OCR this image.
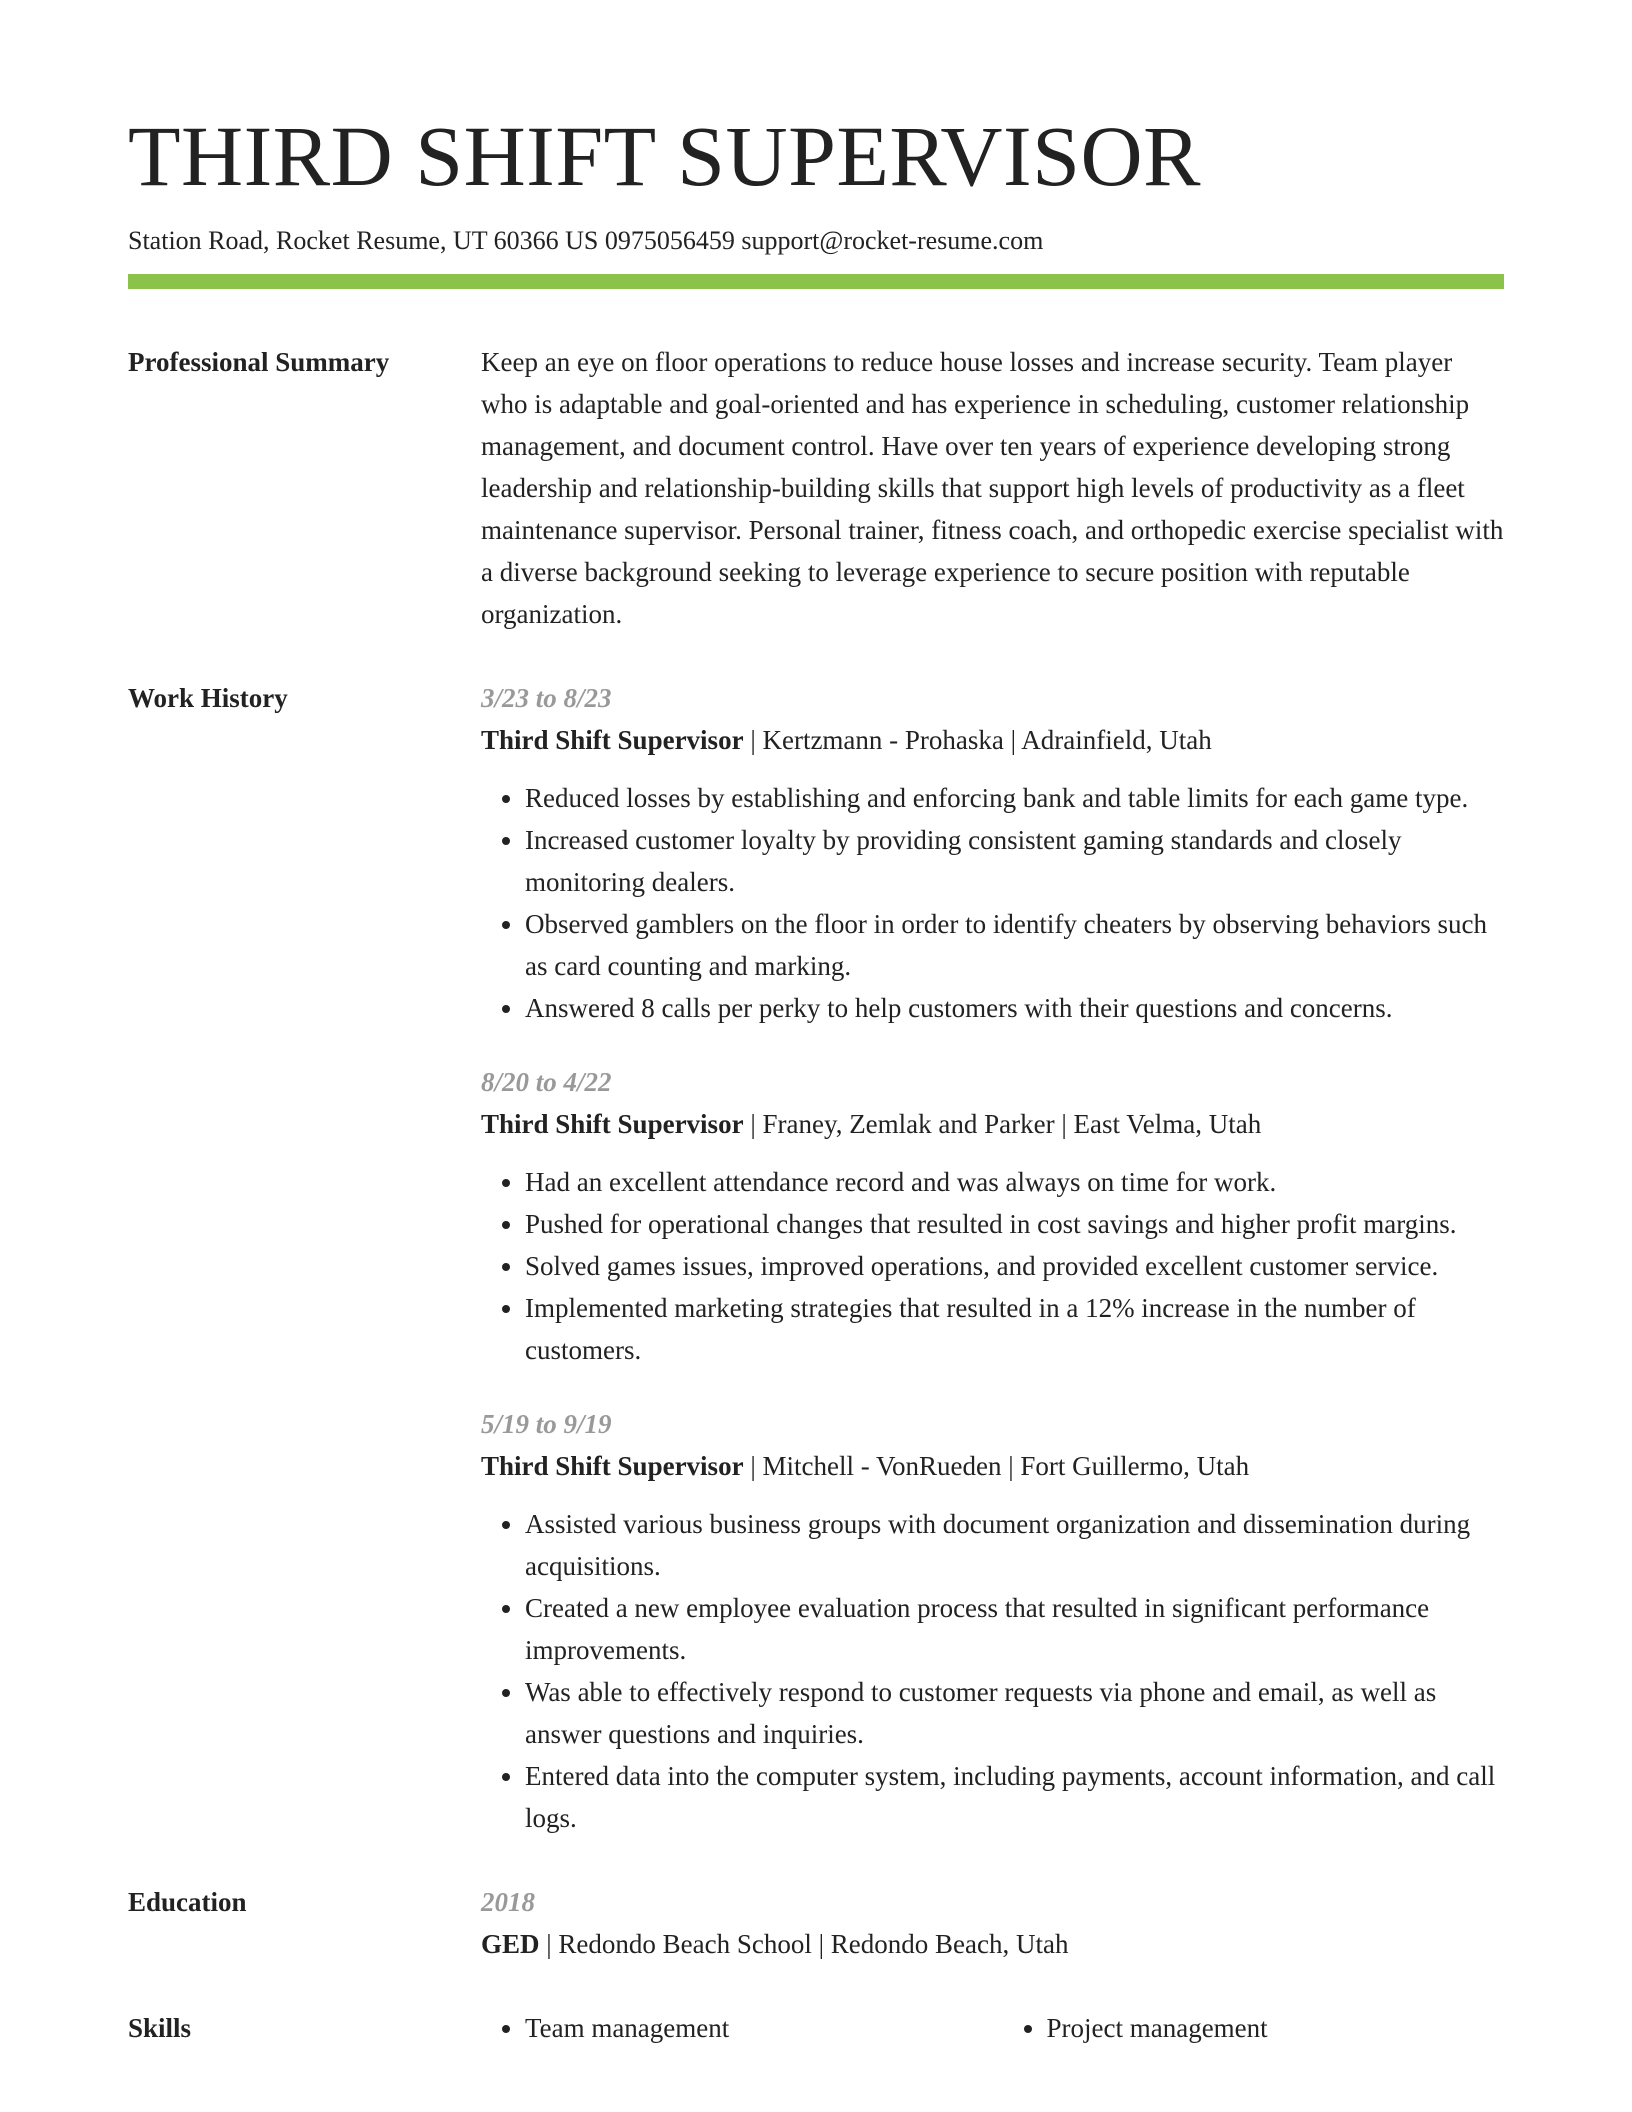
THIRD SHIFT SUPERVISOR
Station Road, Rocket Resume, UT 60366 US 0975056459 support@rocket-resume.com
Professional Summary	Keep an eye on floor operations to reduce house losses and increase security. Team player who is adaptable and goal-oriented and has experience in scheduling, customer relationship management, and document control. Have over ten years of experience developing strong leadership and relationship-building skills that support high levels of productivity as a fleet maintenance supervisor. Personal trainer, fitness coach, and orthopedic exercise specialist with a diverse background seeking to leverage experience to secure position with reputable organization.

Work History	3/23 to 8/23
Third Shift Supervisor | Kertzmann - Prohaska | Adrainfield, Utah
• Reduced losses by establishing and enforcing bank and table limits for each game type.
• Increased customer loyalty by providing consistent gaming standards and closely monitoring dealers.
• Observed gamblers on the floor in order to identify cheaters by observing behaviors such as card counting and marking.
• Answered 8 calls per perky to help customers with their questions and concerns.
8/20 to 4/22
Third Shift Supervisor | Franey, Zemlak and Parker | East Velma, Utah
• Had an excellent attendance record and was always on time for work.
• Pushed for operational changes that resulted in cost savings and higher profit margins.
• Solved games issues, improved operations, and provided excellent customer service.
• Implemented marketing strategies that resulted in a 12% increase in the number of customers.
5/19 to 9/19
Third Shift Supervisor | Mitchell - VonRueden | Fort Guillermo, Utah
• Assisted various business groups with document organization and dissemination during acquisitions.
• Created a new employee evaluation process that resulted in significant performance improvements.
• Was able to effectively respond to customer requests via phone and email, as well as answer questions and inquiries.
• Entered data into the computer system, including payments, account information, and call logs.
Education	2018
GED | Redondo Beach School | Redondo Beach, Utah
Skills	• Team management	• Project management
